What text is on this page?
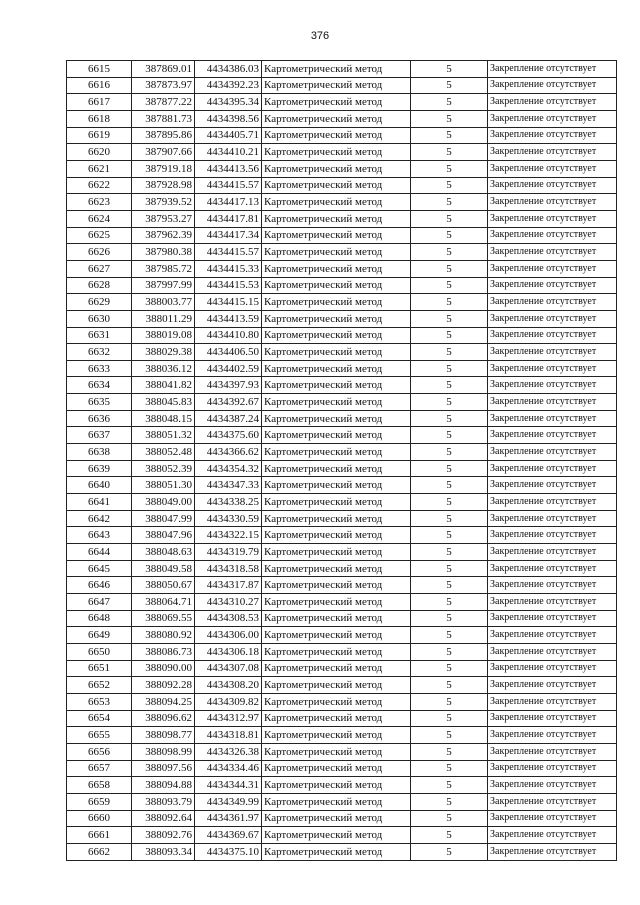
376
6615	387869.01	4434386.03	Картометрический метод	5	Закрепление отсутствует
6616	387873.97	4434392.23	Картометрический метод	5	Закрепление отсутствует
6617	387877.22	4434395.34	Картометрический метод	5	Закрепление отсутствует
6618	387881.73	4434398.56	Картометрический метод	5	Закрепление отсутствует
6619	387895.86	4434405.71	Картометрический метод	5	Закрепление отсутствует
6620	387907.66	4434410.21	Картометрический метод	5	Закрепление отсутствует
6621	387919.18	4434413.56	Картометрический метод	5	Закрепление отсутствует
6622	387928.98	4434415.57	Картометрический метод	5	Закрепление отсутствует
6623	387939.52	4434417.13	Картометрический метод	5	Закрепление отсутствует
6624	387953.27	4434417.81	Картометрический метод	5	Закрепление отсутствует
6625	387962.39	4434417.34	Картометрический метод	5	Закрепление отсутствует
6626	387980.38	4434415.57	Картометрический метод	5	Закрепление отсутствует
6627	387985.72	4434415.33	Картометрический метод	5	Закрепление отсутствует
6628	387997.99	4434415.53	Картометрический метод	5	Закрепление отсутствует
6629	388003.77	4434415.15	Картометрический метод	5	Закрепление отсутствует
6630	388011.29	4434413.59	Картометрический метод	5	Закрепление отсутствует
6631	388019.08	4434410.80	Картометрический метод	5	Закрепление отсутствует
6632	388029.38	4434406.50	Картометрический метод	5	Закрепление отсутствует
6633	388036.12	4434402.59	Картометрический метод	5	Закрепление отсутствует
6634	388041.82	4434397.93	Картометрический метод	5	Закрепление отсутствует
6635	388045.83	4434392.67	Картометрический метод	5	Закрепление отсутствует
6636	388048.15	4434387.24	Картометрический метод	5	Закрепление отсутствует
6637	388051.32	4434375.60	Картометрический метод	5	Закрепление отсутствует
6638	388052.48	4434366.62	Картометрический метод	5	Закрепление отсутствует
6639	388052.39	4434354.32	Картометрический метод	5	Закрепление отсутствует
6640	388051.30	4434347.33	Картометрический метод	5	Закрепление отсутствует
6641	388049.00	4434338.25	Картометрический метод	5	Закрепление отсутствует
6642	388047.99	4434330.59	Картометрический метод	5	Закрепление отсутствует
6643	388047.96	4434322.15	Картометрический метод	5	Закрепление отсутствует
6644	388048.63	4434319.79	Картометрический метод	5	Закрепление отсутствует
6645	388049.58	4434318.58	Картометрический метод	5	Закрепление отсутствует
6646	388050.67	4434317.87	Картометрический метод	5	Закрепление отсутствует
6647	388064.71	4434310.27	Картометрический метод	5	Закрепление отсутствует
6648	388069.55	4434308.53	Картометрический метод	5	Закрепление отсутствует
6649	388080.92	4434306.00	Картометрический метод	5	Закрепление отсутствует
6650	388086.73	4434306.18	Картометрический метод	5	Закрепление отсутствует
6651	388090.00	4434307.08	Картометрический метод	5	Закрепление отсутствует
6652	388092.28	4434308.20	Картометрический метод	5	Закрепление отсутствует
6653	388094.25	4434309.82	Картометрический метод	5	Закрепление отсутствует
6654	388096.62	4434312.97	Картометрический метод	5	Закрепление отсутствует
6655	388098.77	4434318.81	Картометрический метод	5	Закрепление отсутствует
6656	388098.99	4434326.38	Картометрический метод	5	Закрепление отсутствует
6657	388097.56	4434334.46	Картометрический метод	5	Закрепление отсутствует
6658	388094.88	4434344.31	Картометрический метод	5	Закрепление отсутствует
6659	388093.79	4434349.99	Картометрический метод	5	Закрепление отсутствует
6660	388092.64	4434361.97	Картометрический метод	5	Закрепление отсутствует
6661	388092.76	4434369.67	Картометрический метод	5	Закрепление отсутствует
6662	388093.34	4434375.10	Картометрический метод	5	Закрепление отсутствует
